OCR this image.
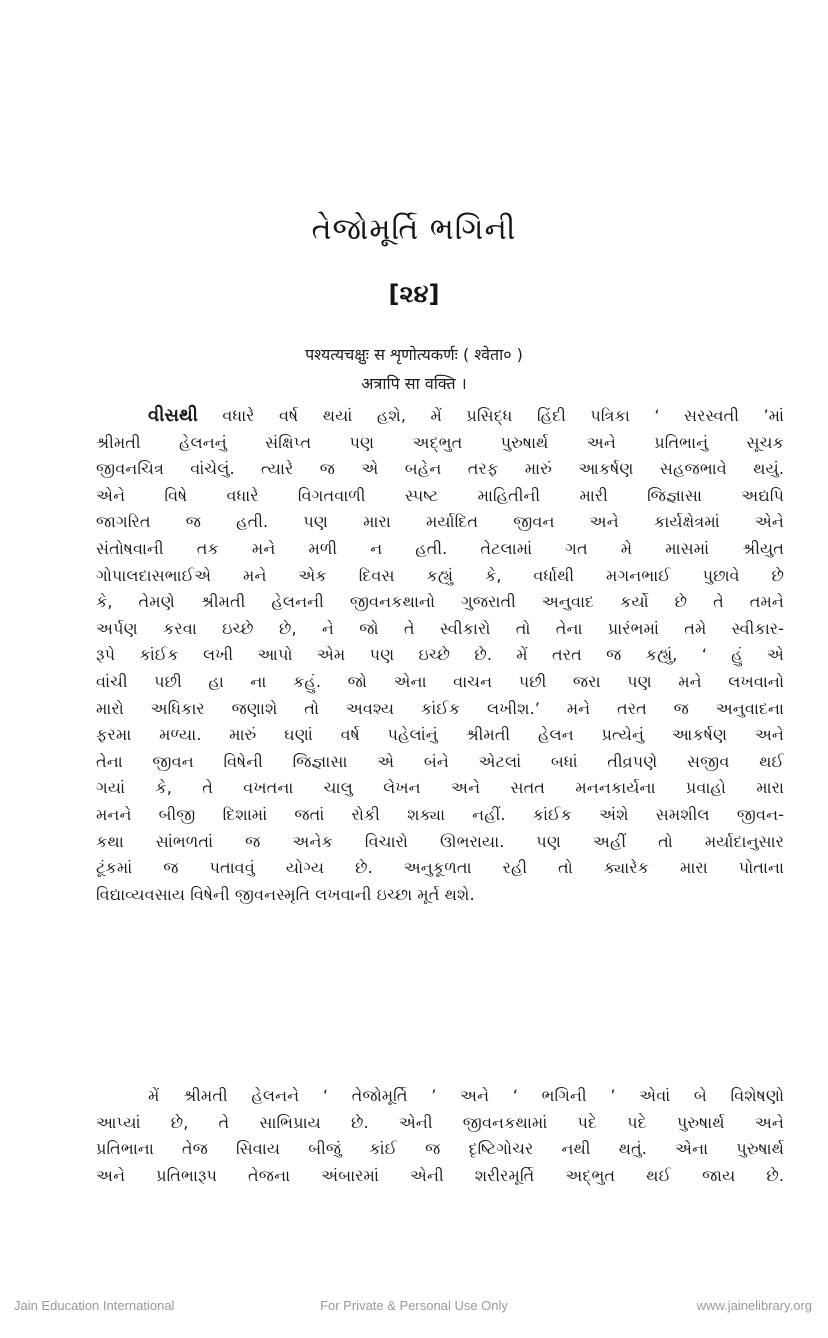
તેજોમૂર્તિ ભગિની
[૨૪]
पश्यत्यचक्षुः स शृणोत्यकर्णः ( श्वेता० )
अत्रापि सा वक्ति ।
વીસથી વધારે વર્ષ થયાં હશે, મેં પ્રસિદ્ધ હિંદી પત્રિકા ‘ સરસ્વતી ’માં
શ્રીમતી હેલનનું સંક્ષિપ્ત પણ અદ્ભુત પુરુષાર્થ અને પ્રતિભાનું સૂચક
જીવનચિત્ર વાંચેલું. ત્યારે જ એ બહેન તરફ મારું આકર્ષણ સહજભાવે થયું.
એને વિષે વધારે વિગતવાળી સ્પષ્ટ માહિતીની મારી જિજ્ઞાસા અદ્યપિ
જાગરિત જ હતી. પણ મારા મર્યાદિત જીવન અને કાર્યક્ષેત્રમાં એને
સંતોષવાની તક મને મળી ન હતી. તેટલામાં ગત મે માસમાં શ્રીયુત
ગોપાલદાસભાઈએ મને એક દિવસ કહ્યું કે, વર્ધાથી મગનભાઈ પુછાવે છે
કે, તેમણે શ્રીમતી હેલનની જીવનકથાનો ગુજરાતી અનુવાદ કર્યો છે તે તમને
અર્પણ કરવા ઇચ્છે છે, ને જો તે સ્વીકારો તો તેના પ્રારંભમાં તમે સ્વીકાર-
રૂપે કાંઈક લખી આપો એમ પણ ઇચ્છે છે. મેં તરત જ કહ્યું, ‘ હું એ
વાંચી પછી હા ના કહું. જો એના વાચન પછી જરા પણ મને લખવાનો
મારો અધિકાર જણાશે તો અવશ્ય કાંઈક લખીશ.’ મને તરત જ અનુવાદના
ફરમા મળ્યા. મારું ઘણાં વર્ષ પહેલાંનું શ્રીમતી હેલન પ્રત્યેનું આકર્ષણ અને
તેના જીવન વિષેની જિજ્ઞાસા એ બંને એટલાં બધાં તીવ્રપણે સજીવ થઈ
ગયાં કે, તે વખતના ચાલુ લેખન અને સતત મનનકાર્યના પ્રવાહો મારા
મનને બીજી દિશામાં જતાં રોકી શક્યા નહીં. કાંઈક અંશે સમશીલ જીવન-
કથા સાંભળતાં જ અનેક વિચારો ઊભરાયા. પણ અહીં તો મર્યાદાનુસાર
ટૂંકમાં જ પતાવવું યોગ્ય છે. અનુકૂળતા રહી તો ક્યારેક મારા પોતાના
વિદ્યાવ્યવસાય વિષેની જીવનસ્મૃતિ લખવાની ઇચ્છા મૂર્ત થશે.
મેં શ્રીમતી હેલનને ‘ તેજોમૂર્તિ ’ અને ‘ ભગિની ’ એવાં બે વિશેષણો
આપ્યાં છે, તે સાભિપ્રાય છે. એની જીવનકથામાં પદે પદે પુરુષાર્થ અને
પ્રતિભાના તેજ સિવાય બીજું કાંઈ જ દૃષ્ટિગોચર નથી થતું. એના પુરુષાર્થ
અને પ્રતિભારૂપ તેજના અંબારમાં એની શરીરમૂર્તિ અદ્ભુત થઈ જાય છે.
Jain Education International	For Private & Personal Use Only	www.jainelibrary.org
